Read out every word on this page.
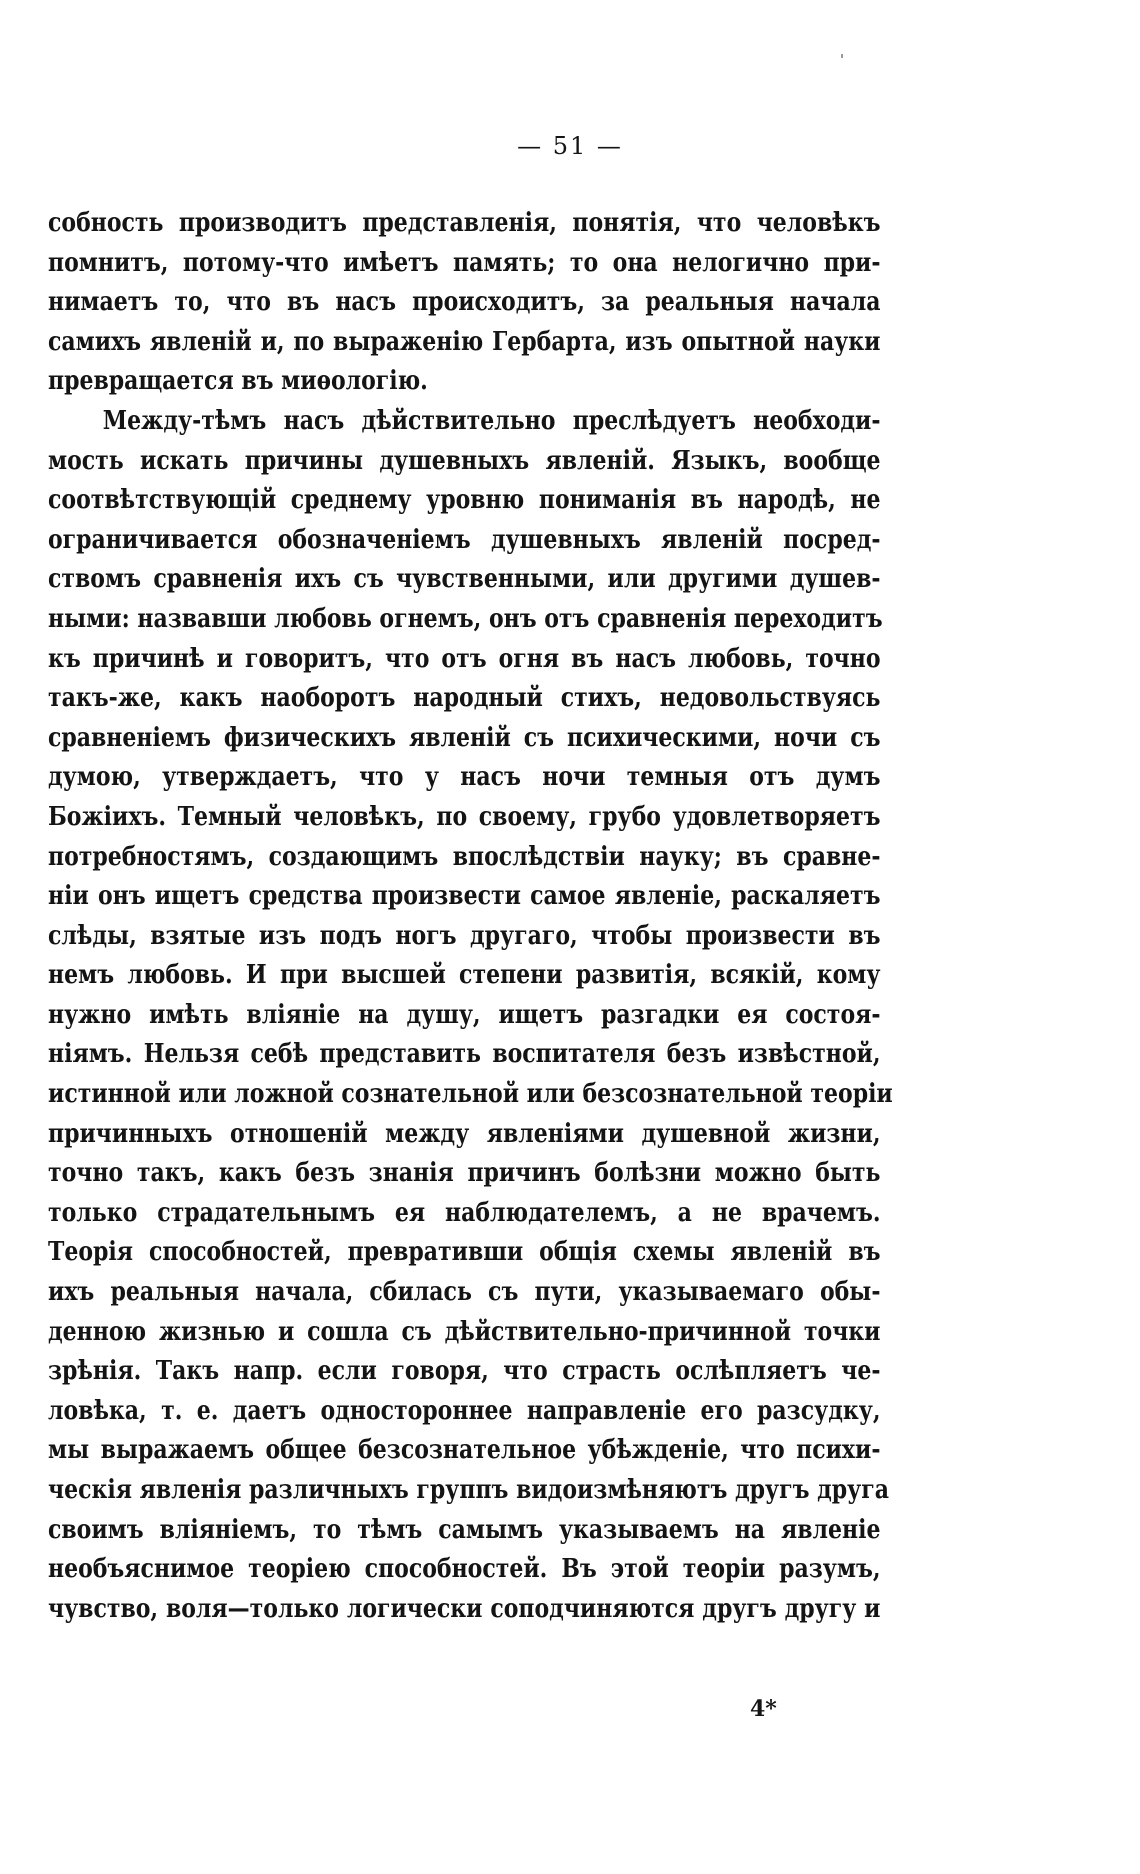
— 51 —
собность производитъ представленія, понятія, что человѣкъ
помнитъ, потому-что имѣетъ память; то она нелогично при-
нимаетъ то, что въ насъ происходитъ, за реальныя начала
самихъ явленій и, по выраженію Гербарта, изъ опытной науки
превращается въ миѳологію.
Между-тѣмъ насъ дѣйствительно преслѣдуетъ необходи-
мость искать причины душевныхъ явленій. Языкъ, вообще
соотвѣтствующій среднему уровню пониманія въ народѣ, не
ограничивается обозначеніемъ душевныхъ явленій посред-
ствомъ сравненія ихъ съ чувственными, или другими душев-
ными: назвавши любовь огнемъ, онъ отъ сравненія переходитъ
къ причинѣ и говоритъ, что отъ огня въ насъ любовь, точно
такъ-же, какъ наоборотъ народный стихъ, недовольствуясь
сравненіемъ физическихъ явленій съ психическими, ночи съ
думою, утверждаетъ, что у насъ ночи темныя отъ думъ
Божіихъ. Темный человѣкъ, по своему, грубо удовлетворяетъ
потребностямъ, создающимъ впослѣдствіи науку; въ сравне-
ніи онъ ищетъ средства произвести самое явленіе, раскаляетъ
слѣды, взятые изъ подъ ногъ другаго, чтобы произвести въ
немъ любовь. И при высшей степени развитія, всякій, кому
нужно имѣть вліяніе на душу, ищетъ разгадки ея состоя-
ніямъ. Нельзя себѣ представить воспитателя безъ извѣстной,
истинной или ложной сознательной или безсознательной теоріи
причинныхъ отношеній между явленіями душевной жизни,
точно такъ, какъ безъ знанія причинъ болѣзни можно быть
только страдательнымъ ея наблюдателемъ, а не врачемъ.
Теорія способностей, превративши общія схемы явленій въ
ихъ реальныя начала, сбилась съ пути, указываемаго обы-
денною жизнью и сошла съ дѣйствительно-причинной точки
зрѣнія. Такъ напр. если говоря, что страсть ослѣпляетъ че-
ловѣка, т. е. даетъ одностороннее направленіе его разсудку,
мы выражаемъ общее безсознательное убѣжденіе, что психи-
ческія явленія различныхъ группъ видоизмѣняютъ другъ друга
своимъ вліяніемъ, то тѣмъ самымъ указываемъ на явленіе
необъяснимое теоріею способностей. Въ этой теоріи разумъ,
чувство, воля—только логически соподчиняются другъ другу и
4*
